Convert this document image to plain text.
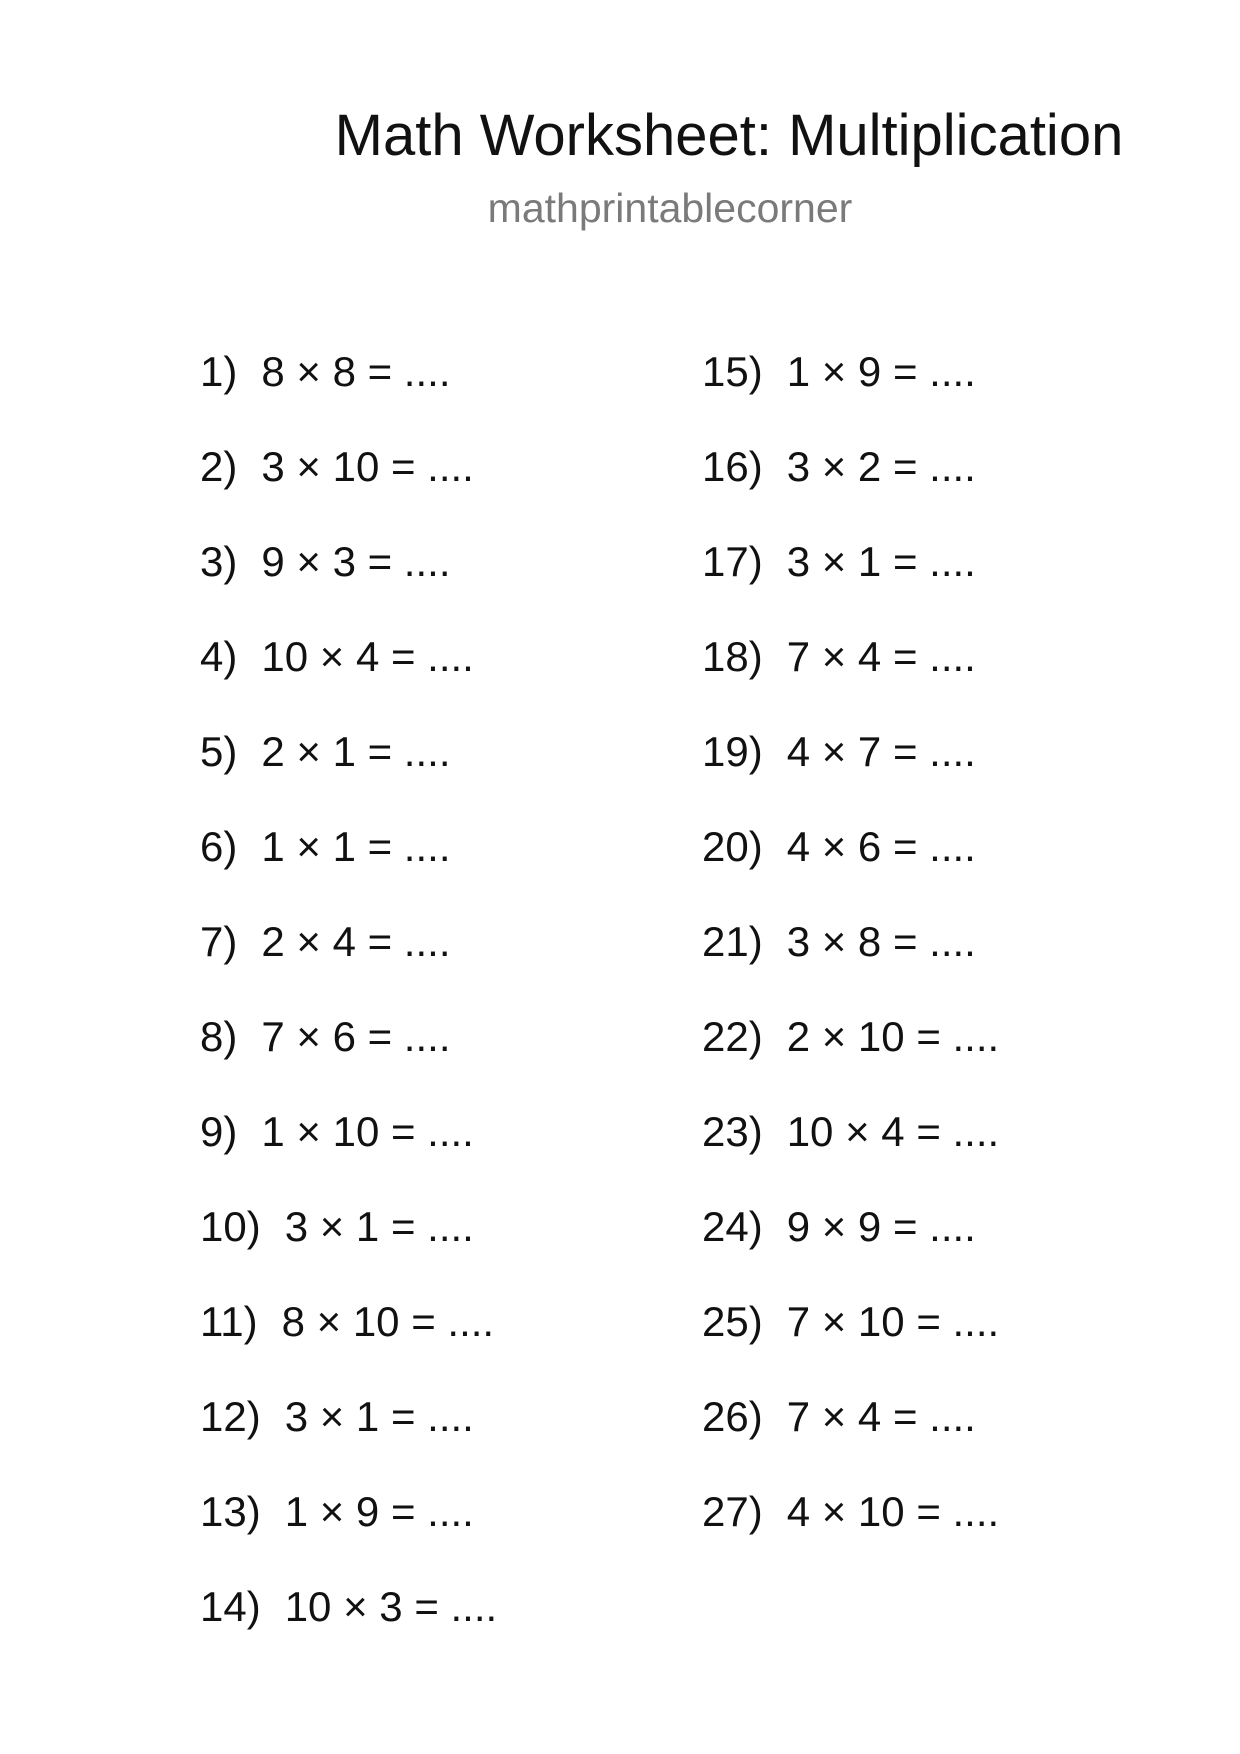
Math Worksheet: Multiplication

mathprintablecorner

1) 8 × 8 = ....
2) 3 × 10 = ....
3) 9 × 3 = ....
4) 10 × 4 = ....
5) 2 × 1 = ....
6) 1 × 1 = ....
7) 2 × 4 = ....
8) 7 × 6 = ....
9) 1 × 10 = ....
10) 3 × 1 = ....
11) 8 × 10 = ....
12) 3 × 1 = ....
13) 1 × 9 = ....
14) 10 × 3 = ....
15) 1 × 9 = ....
16) 3 × 2 = ....
17) 3 × 1 = ....
18) 7 × 4 = ....
19) 4 × 7 = ....
20) 4 × 6 = ....
21) 3 × 8 = ....
22) 2 × 10 = ....
23) 10 × 4 = ....
24) 9 × 9 = ....
25) 7 × 10 = ....
26) 7 × 4 = ....
27) 4 × 10 = ....
